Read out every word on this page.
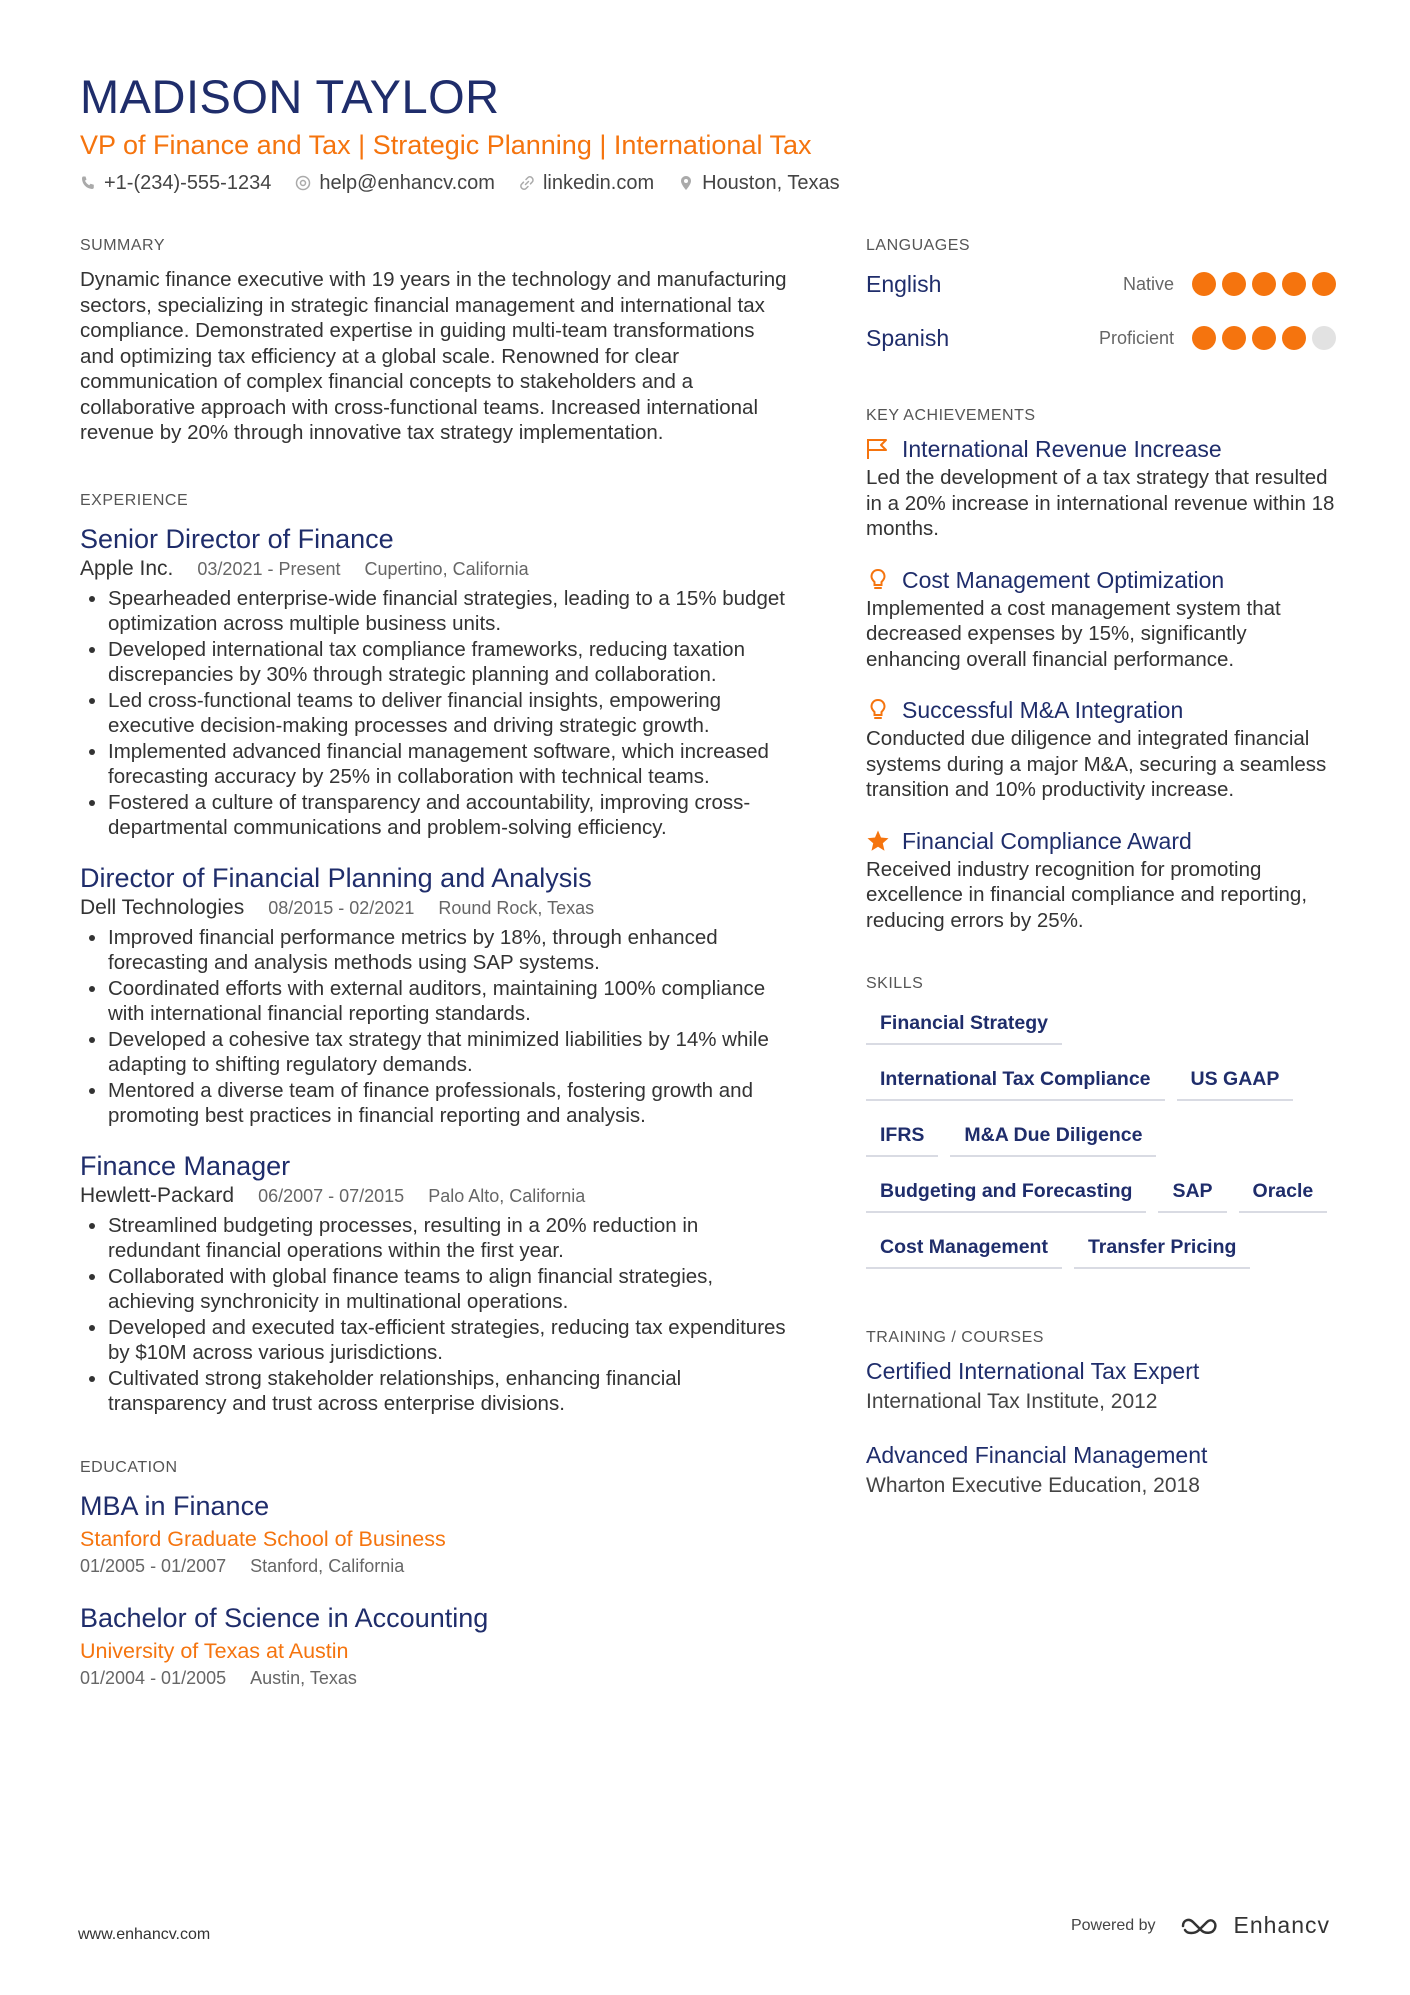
MADISON TAYLOR
VP of Finance and Tax | Strategic Planning | International Tax
+1-(234)-555-1234 help@enhancv.com linkedin.com Houston, Texas
SUMMARY
Dynamic finance executive with 19 years in the technology and manufacturing sectors, specializing in strategic financial management and international tax compliance. Demonstrated expertise in guiding multi-team transformations and optimizing tax efficiency at a global scale. Renowned for clear communication of complex financial concepts to stakeholders and a collaborative approach with cross-functional teams. Increased international revenue by 20% through innovative tax strategy implementation.
EXPERIENCE
Senior Director of Finance
Apple Inc. 03/2021 - Present Cupertino, California
• Spearheaded enterprise-wide financial strategies, leading to a 15% budget optimization across multiple business units.
• Developed international tax compliance frameworks, reducing taxation discrepancies by 30% through strategic planning and collaboration.
• Led cross-functional teams to deliver financial insights, empowering executive decision-making processes and driving strategic growth.
• Implemented advanced financial management software, which increased forecasting accuracy by 25% in collaboration with technical teams.
• Fostered a culture of transparency and accountability, improving cross-departmental communications and problem-solving efficiency.
Director of Financial Planning and Analysis
Dell Technologies 08/2015 - 02/2021 Round Rock, Texas
• Improved financial performance metrics by 18%, through enhanced forecasting and analysis methods using SAP systems.
• Coordinated efforts with external auditors, maintaining 100% compliance with international financial reporting standards.
• Developed a cohesive tax strategy that minimized liabilities by 14% while adapting to shifting regulatory demands.
• Mentored a diverse team of finance professionals, fostering growth and promoting best practices in financial reporting and analysis.
Finance Manager
Hewlett-Packard 06/2007 - 07/2015 Palo Alto, California
• Streamlined budgeting processes, resulting in a 20% reduction in redundant financial operations within the first year.
• Collaborated with global finance teams to align financial strategies, achieving synchronicity in multinational operations.
• Developed and executed tax-efficient strategies, reducing tax expenditures by $10M across various jurisdictions.
• Cultivated strong stakeholder relationships, enhancing financial transparency and trust across enterprise divisions.
EDUCATION
MBA in Finance
Stanford Graduate School of Business
01/2005 - 01/2007 Stanford, California
Bachelor of Science in Accounting
University of Texas at Austin
01/2004 - 01/2005 Austin, Texas
LANGUAGES
English	Native
Spanish	Proficient
KEY ACHIEVEMENTS
International Revenue Increase
Led the development of a tax strategy that resulted in a 20% increase in international revenue within 18 months.
Cost Management Optimization
Implemented a cost management system that decreased expenses by 15%, significantly enhancing overall financial performance.
Successful M&A Integration
Conducted due diligence and integrated financial systems during a major M&A, securing a seamless transition and 10% productivity increase.
Financial Compliance Award
Received industry recognition for promoting excellence in financial compliance and reporting, reducing errors by 25%.
SKILLS
Financial Strategy
International Tax Compliance	US GAAP
IFRS	M&A Due Diligence
Budgeting and Forecasting	SAP	Oracle
Cost Management	Transfer Pricing
TRAINING / COURSES
Certified International Tax Expert
International Tax Institute, 2012
Advanced Financial Management
Wharton Executive Education, 2018
www.enhancv.com
Powered by	Enhancv
